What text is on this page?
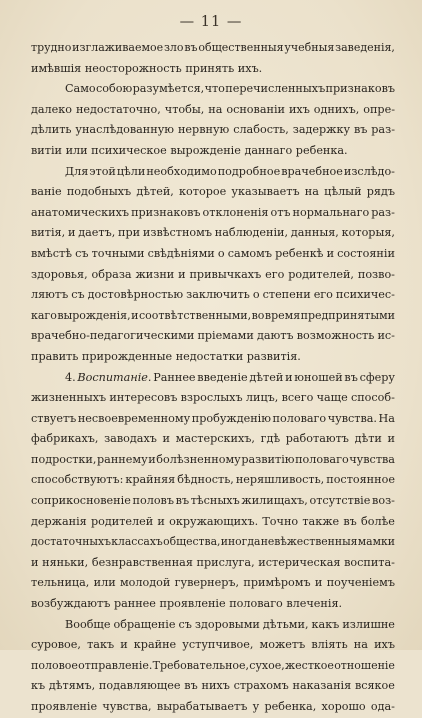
— 11 —
трудно изглаживаемое зло въ общественныя учебныя заведенія,
имѣвшія неосторожность принять ихъ.
Само собою разумѣется, что перечисленныхъ признаковъ
далеко недостаточно, чтобы, на основаніи ихъ однихъ, опре-
дѣлить унаслѣдованную нервную слабость, задержку въ раз-
витіи или психическое вырожденіе даннаго ребенка.
Для этой цѣли необходимо подробное врачебное изслѣдо-
ваніе подобныхъ дѣтей, которое указываетъ на цѣлый рядъ
анатомическихъ признаковъ отклоненія отъ нормальнаго раз-
витія, и даетъ, при извѣстномъ наблюденіи, данныя, которыя,
вмѣстѣ съ точными свѣдѣніями о самомъ ребенкѣ и состояніи
здоровья, образа жизни и привычкахъ его родителей, позво-
ляютъ съ достовѣрностью заключить о степени его психичес-
каго вырожденія, и соотвѣтственными, во время предпринятыми
врачебно-педагогическими пріемами даютъ возможность ис-
править прирожденные недостатки развитія.
4. Воспитаніе. Раннее введеніе дѣтей и юношей въ сферу
жизненныхъ интересовъ взрослыхъ лицъ, всего чаще способ-
ствуетъ несвоевременному пробужденію половаго чувства. На
фабрикахъ, заводахъ и мастерскихъ, гдѣ работаютъ дѣти и
подростки, раннему и болѣзненному развитію половаго чувства
способствуютъ: крайняя бѣдность, неряшливость, постоянное
соприкосновеніе половъ въ тѣсныхъ жилищахъ, отсутствіе воз-
держанія родителей и окружающихъ. Точно также въ болѣе
достаточныхъ классахъ общества, иногда невѣжественныя мамки
и няньки, безнравственная прислуга, истерическая воспита-
тельница, или молодой гувернеръ, примѣромъ и поученіемъ
возбуждаютъ раннее проявленіе половаго влеченія.
Вообще обращеніе съ здоровыми дѣтьми, какъ излишне
суровое, такъ и крайне уступчивое, можетъ вліять на ихъ
половое отправленіе. Требовательное, сухое, жесткое отношеніе
къ дѣтямъ, подавляющее въ нихъ страхомъ наказанія всякое
проявленіе чувства, вырабатываетъ у ребенка, хорошо ода-
